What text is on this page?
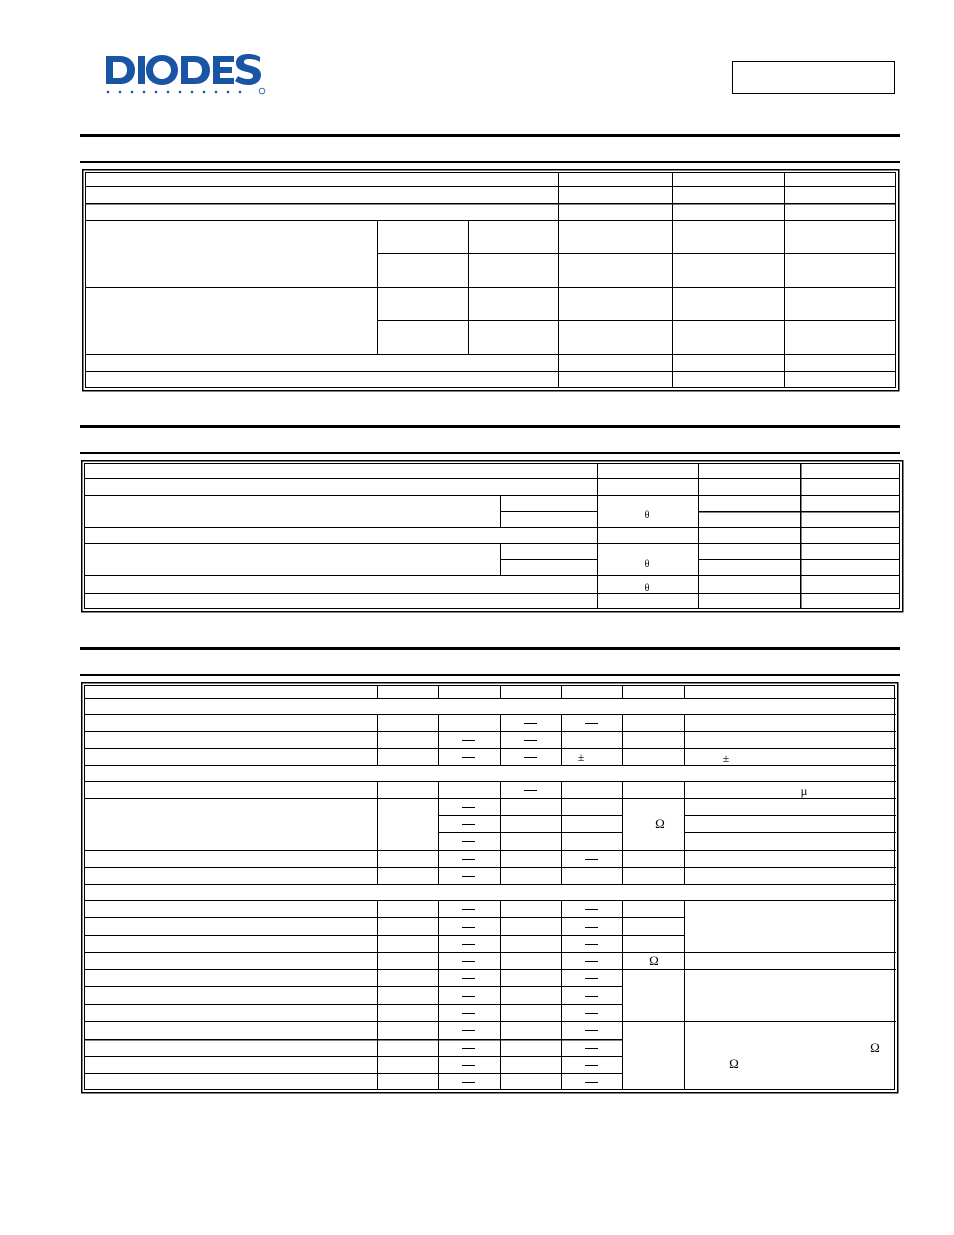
θ
θ
θ
±	±
µ
Ω
Ω
Ω
Ω
